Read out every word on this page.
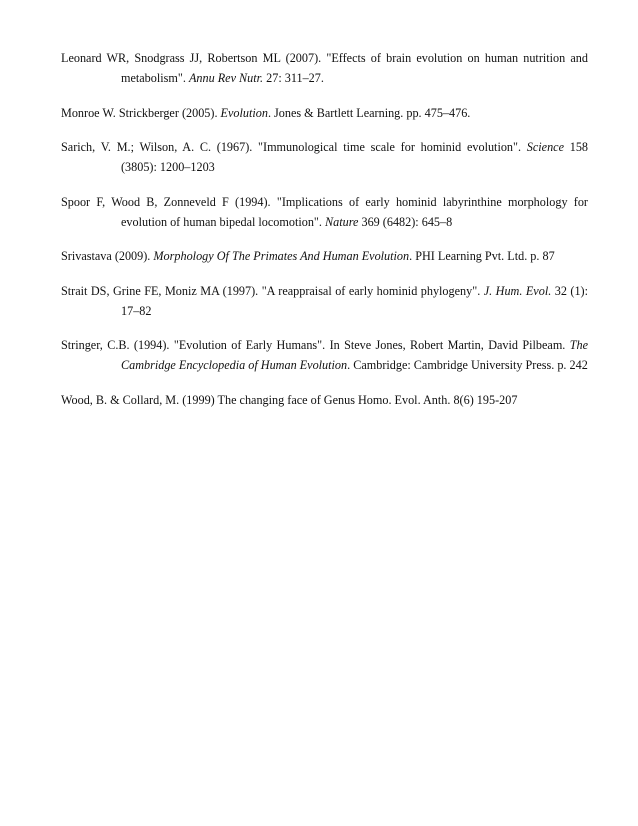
Leonard WR, Snodgrass JJ, Robertson ML (2007). "Effects of brain evolution on human nutrition and metabolism". Annu Rev Nutr. 27: 311–27.

Monroe W. Strickberger (2005). Evolution. Jones & Bartlett Learning. pp. 475–476.

Sarich, V. M.; Wilson, A. C. (1967). "Immunological time scale for hominid evolution". Science 158 (3805): 1200–1203

Spoor F, Wood B, Zonneveld F (1994). "Implications of early hominid labyrinthine morphology for evolution of human bipedal locomotion". Nature 369 (6482): 645–8

Srivastava (2009). Morphology Of The Primates And Human Evolution. PHI Learning Pvt. Ltd. p. 87

Strait DS, Grine FE, Moniz MA (1997). "A reappraisal of early hominid phylogeny". J. Hum. Evol. 32 (1): 17–82

Stringer, C.B. (1994). "Evolution of Early Humans". In Steve Jones, Robert Martin, David Pilbeam. The Cambridge Encyclopedia of Human Evolution. Cambridge: Cambridge University Press. p. 242

Wood, B. & Collard, M. (1999) The changing face of Genus Homo. Evol. Anth. 8(6) 195-207
